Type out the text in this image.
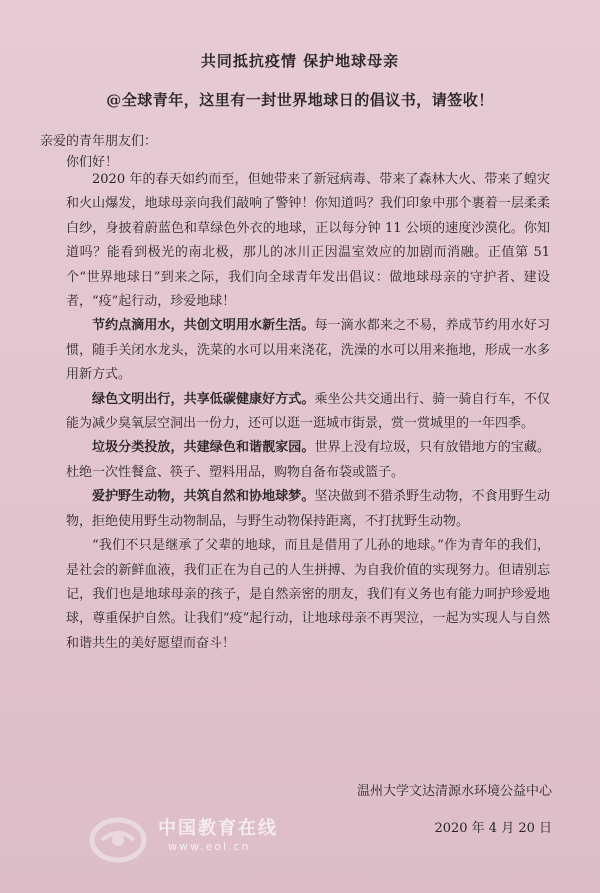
共同抵抗疫情 保护地球母亲
@全球青年，这里有一封世界地球日的倡议书，请签收！
亲爱的青年朋友们：
你们好！

2020 年的春天如约而至，但她带来了新冠病毒、带来了森林大火、带来了蝗灾和火山爆发，地球母亲向我们敲响了警钟！你知道吗？我们印象中那个裹着一层柔柔白纱，身披着蔚蓝色和草绿色外衣的地球，正以每分钟 11 公顷的速度沙漠化。你知道吗？能看到极光的南北极，那儿的冰川正因温室效应的加剧而消融。正值第 51 个“世界地球日”到来之际，我们向全球青年发出倡议：做地球母亲的守护者、建设者，“疫”起行动，珍爱地球！

节约点滴用水，共创文明用水新生活。每一滴水都来之不易，养成节约用水好习惯，随手关闭水龙头，洗菜的水可以用来浇花，洗澡的水可以用来拖地，形成一水多用新方式。

绿色文明出行，共享低碳健康好方式。乘坐公共交通出行、骑一骑自行车，不仅能为减少臭氧层空洞出一份力，还可以逛一逛城市街景，赏一赏城里的一年四季。

垃圾分类投放，共建绿色和谐靓家园。世界上没有垃圾，只有放错地方的宝藏。杜绝一次性餐盒、筷子、塑料用品，购物自备布袋或篮子。

爱护野生动物，共筑自然和协地球梦。坚决做到不猎杀野生动物，不食用野生动物，拒绝使用野生动物制品，与野生动物保持距离，不打扰野生动物。

“我们不只是继承了父辈的地球，而且是借用了儿孙的地球。”作为青年的我们，是社会的新鲜血液，我们正在为自己的人生拼搏、为自我价值的实现努力。但请别忘记，我们也是地球母亲的孩子，是自然亲密的朋友，我们有义务也有能力呵护珍爱地球，尊重保护自然。让我们“疫”起行动，让地球母亲不再哭泣，一起为实现人与自然和谐共生的美好愿望而奋斗！

温州大学文达清源水环境公益中心
2020 年 4 月 20 日
中国教育在线
www.eol.cn
